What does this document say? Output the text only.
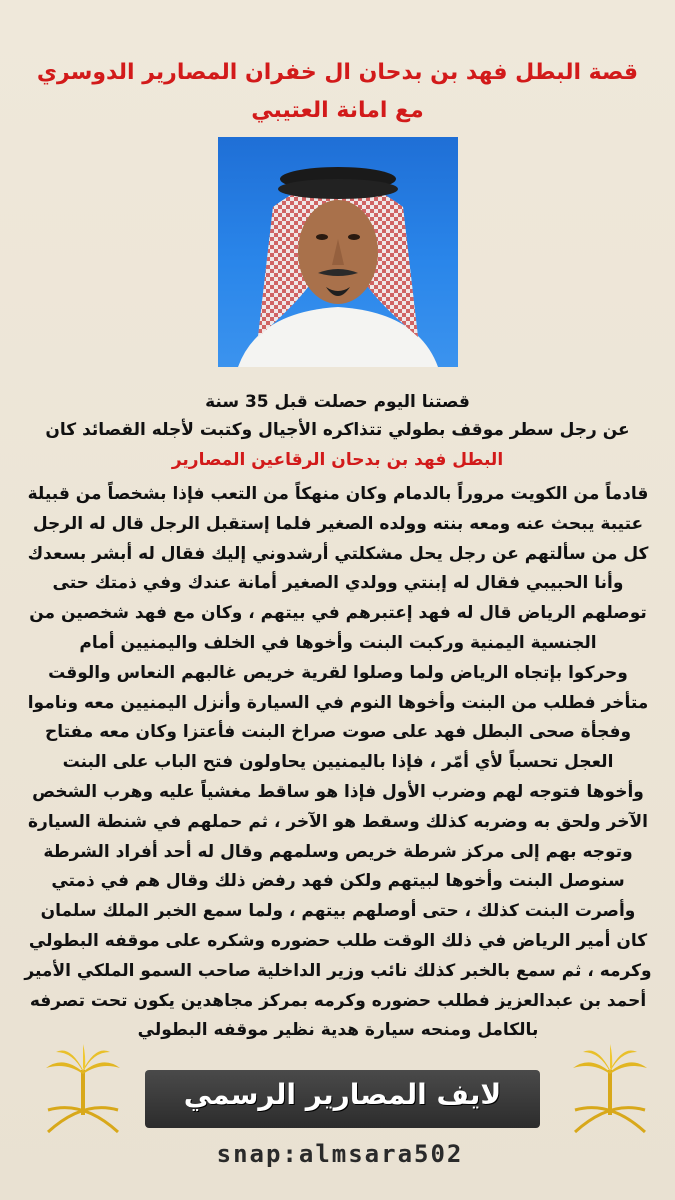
قصة البطل فهد بن بدحان ال خفران المصارير الدوسري
مع امانة العتيبي
قصتنا اليوم حصلت قبل 35 سنة
عن رجل سطر موقف بطولي تتذاكره الأجيال وكتبت لأجله القصائد كان
البطل فهد بن بدحان الرقاعين المصارير

قادماً من الكويت مروراً بالدمام وكان منهكاً من التعب فإذا بشخصاً من قبيلة

عتيبة يبحث عنه ومعه بنته وولده الصغير فلما إستقبل الرجل قال له الرجل

كل من سألتهم عن رجل يحل مشكلتي أرشدوني إليك فقال له أبشر بسعدك

وأنا الحبيبي فقال له إبنتي وولدي الصغير أمانة عندك وفي ذمتك حتى

توصلهم الرياض قال له فهد إعتبرهم في بيتهم ، وكان مع فهد شخصين من

الجنسية اليمنية وركبت البنت وأخوها في الخلف واليمنيين أمام

وحركوا بإتجاه الرياض ولما وصلوا لقرية خريص غالبهم النعاس والوقت

متأخر فطلب من البنت وأخوها النوم في السيارة وأنزل اليمنيين معه وناموا

وفجأة صحى البطل فهد على صوت صراخ البنت فأعتزا وكان معه مفتاح

العجل تحسباً لأي أمّر ، فإذا باليمنيين يحاولون فتح الباب على البنت

وأخوها فتوجه لهم وضرب الأول فإذا هو ساقط مغشياً عليه وهرب الشخص

الآخر ولحق به وضربه كذلك وسقط هو الآخر ، ثم حملهم في شنطة السيارة

وتوجه بهم إلى مركز شرطة خريص وسلمهم وقال له أحد أفراد الشرطة

سنوصل البنت وأخوها لبيتهم ولكن فهد رفض ذلك وقال هم في ذمتي

وأصرت البنت كذلك ، حتى أوصلهم بيتهم ، ولما سمع الخبر الملك سلمان

كان أمير الرياض في ذلك الوقت طلب حضوره وشكره على موقفه البطولي

وكرمه ، ثم سمع بالخبر كذلك نائب وزير الداخلية صاحب السمو الملكي الأمير

أحمد بن عبدالعزيز فطلب حضوره وكرمه بمركز مجاهدين يكون تحت تصرفه

بالكامل ومنحه سيارة هدية نظير موقفه البطولي

لايف المصارير الرسمي
snap:almsara502
